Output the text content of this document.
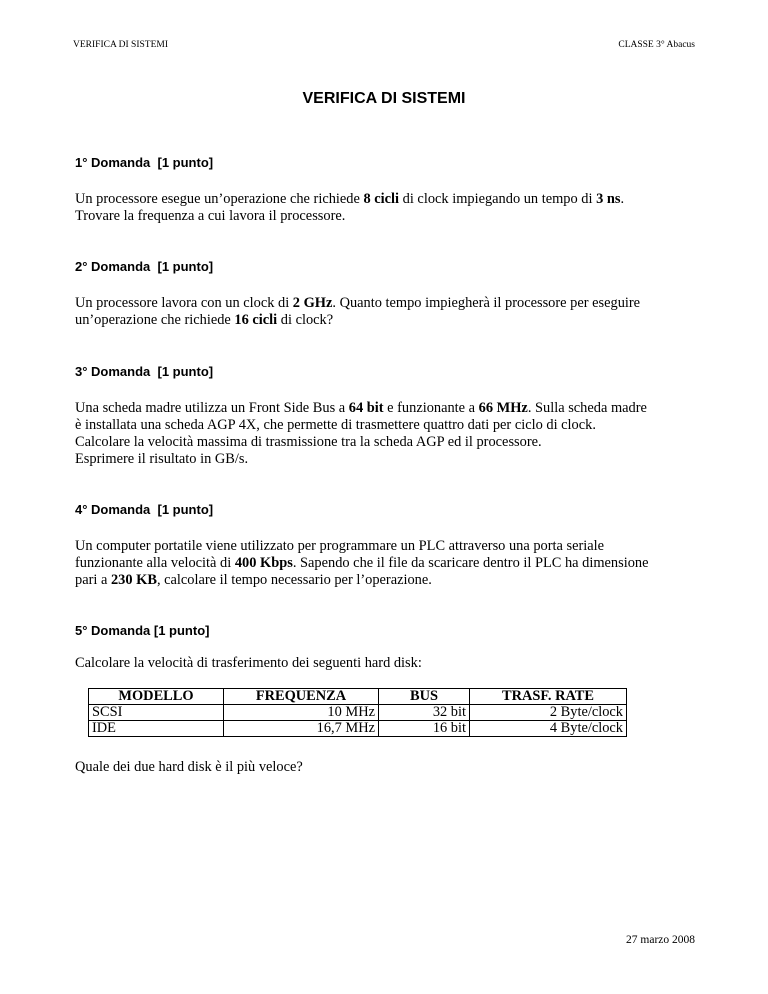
VERIFICA DI SISTEMI	CLASSE 3° Abacus
VERIFICA DI SISTEMI

1° Domanda  [1 punto]

Un processore esegue un’operazione che richiede 8 cicli di clock impiegando un tempo di 3 ns.

Trovare la frequenza a cui lavora il processore.

2° Domanda  [1 punto]

Un processore lavora con un clock di 2 GHz. Quanto tempo impiegherà il processore per eseguire

un’operazione che richiede 16 cicli di clock?

3° Domanda  [1 punto]

Una scheda madre utilizza un Front Side Bus a 64 bit e funzionante a 66 MHz. Sulla scheda madre

è installata una scheda AGP 4X, che permette di trasmettere quattro dati per ciclo di clock.

Calcolare la velocità massima di trasmissione tra la scheda AGP ed il processore.

Esprimere il risultato in GB/s.

4° Domanda  [1 punto]

Un computer portatile viene utilizzato per programmare un PLC attraverso una porta seriale

funzionante alla velocità di 400 Kbps. Sapendo che il file da scaricare dentro il PLC ha dimensione

pari a 230 KB, calcolare il tempo necessario per l’operazione.

5° Domanda [1 punto]

Calcolare la velocità di trasferimento dei seguenti hard disk:

MODELLO	FREQUENZA	BUS	TRASF. RATE
SCSI	10 MHz	32 bit	2 Byte/clock
IDE	16,7 MHz	16 bit	4 Byte/clock

Quale dei due hard disk è il più veloce?

27 marzo 2008
